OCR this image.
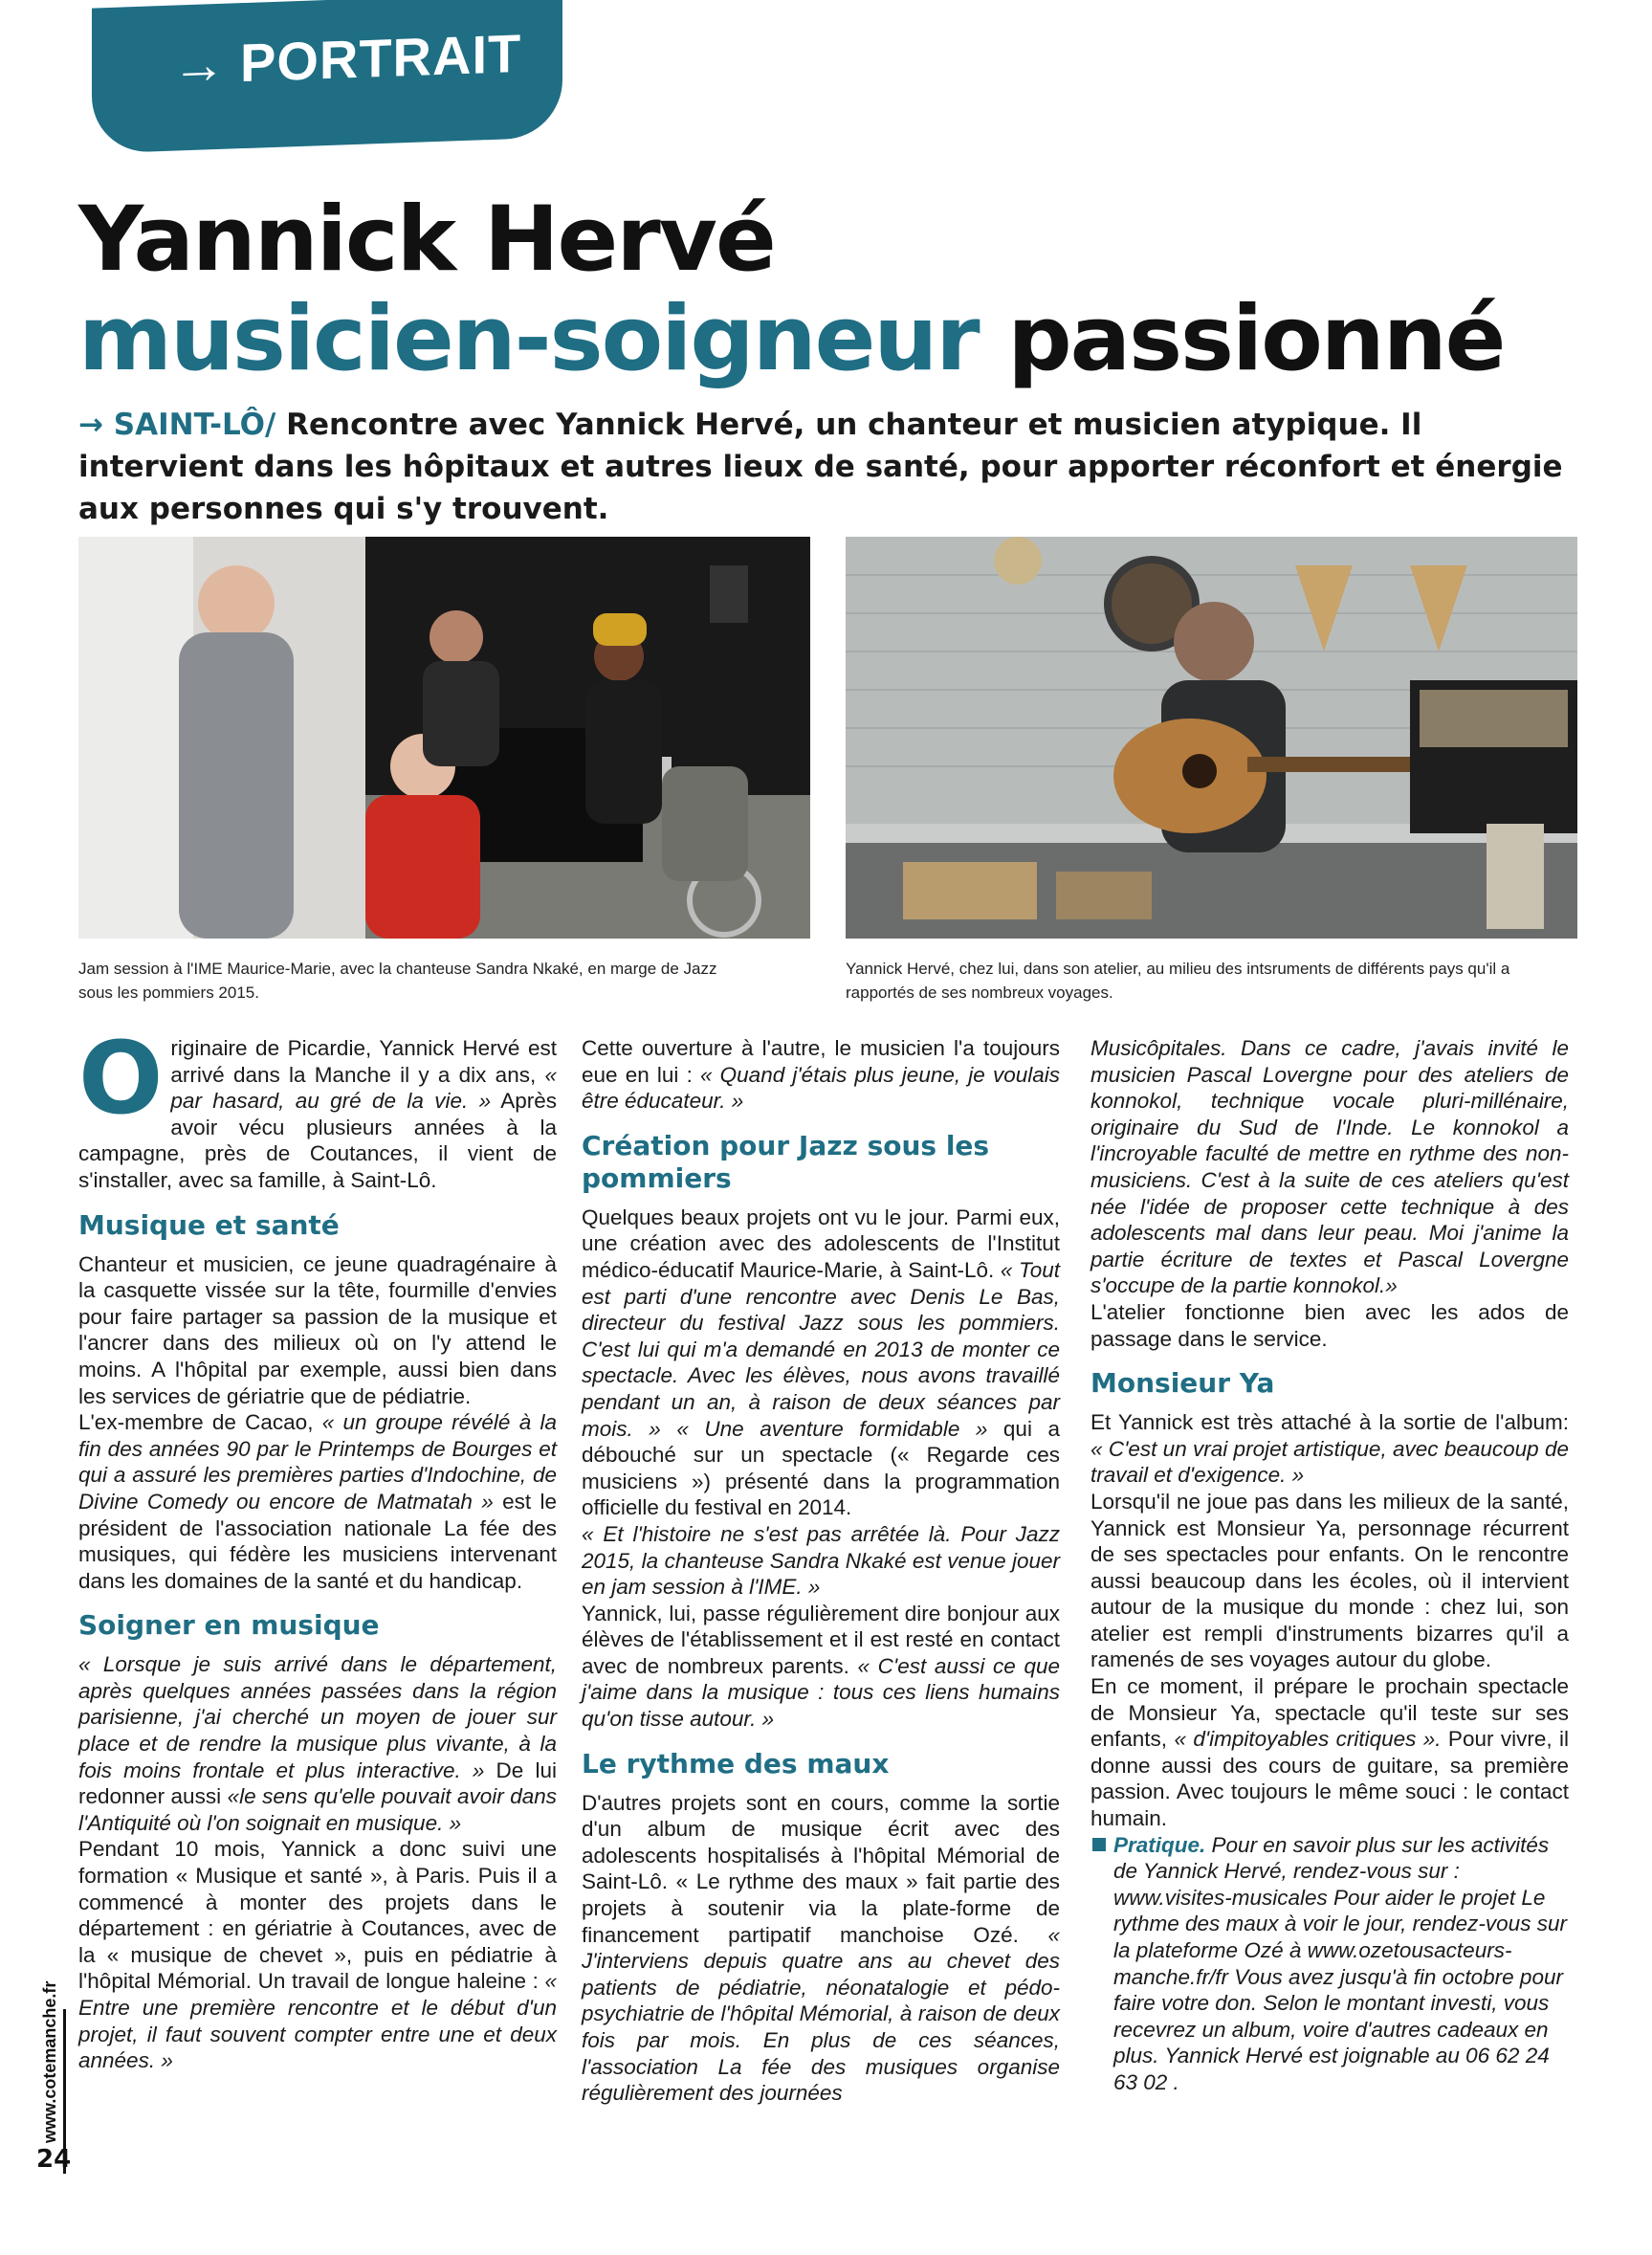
→ PORTRAIT
Yannick Hervé
musicien-soigneur passionné

→ SAINT-LÔ/ Rencontre avec Yannick Hervé, un chanteur et musicien atypique. Il intervient dans les hôpitaux et autres lieux de santé, pour apporter réconfort et énergie aux personnes qui s'y trouvent.

Jam session à l'IME Maurice-Marie, avec la chanteuse Sandra Nkaké, en marge de Jazz sous les pommiers 2015.

Yannick Hervé, chez lui, dans son atelier, au milieu des intsruments de différents pays qu'il a rapportés de ses nombreux voyages.

Originaire de Picardie, Yannick Hervé est arrivé dans la Manche il y a dix ans, « par hasard, au gré de la vie. » Après avoir vécu plusieurs années à la campagne, près de Coutances, il vient de s'installer, avec sa famille, à Saint-Lô.

Musique et santé

Chanteur et musicien, ce jeune quadragénaire à la casquette vissée sur la tête, fourmille d'envies pour faire partager sa passion de la musique et l'ancrer dans des milieux où on l'y attend le moins. A l'hôpital par exemple, aussi bien dans les services de gériatrie que de pédiatrie.

L'ex-membre de Cacao, « un groupe révélé à la fin des années 90 par le Printemps de Bourges et qui a assuré les premières parties d'Indochine, de Divine Comedy ou encore de Matmatah » est le président de l'association nationale La fée des musiques, qui fédère les musiciens intervenant dans les domaines de la santé et du handicap.

Soigner en musique

« Lorsque je suis arrivé dans le département, après quelques années passées dans la région parisienne, j'ai cherché un moyen de jouer sur place et de rendre la musique plus vivante, à la fois moins frontale et plus interactive. » De lui redonner aussi «le sens qu'elle pouvait avoir dans l'Antiquité où l'on soignait en musique. »

Pendant 10 mois, Yannick a donc suivi une formation « Musique et santé », à Paris. Puis il a commencé à monter des projets dans le département : en gériatrie à Coutances, avec de la « musique de chevet », puis en pédiatrie à l'hôpital Mémorial. Un travail de longue haleine : « Entre une première rencontre et le début d'un projet, il faut souvent compter entre une et deux années. »

Cette ouverture à l'autre, le musicien l'a toujours eue en lui : « Quand j'étais plus jeune, je voulais être éducateur. »

Création pour Jazz sous les pommiers

Quelques beaux projets ont vu le jour. Parmi eux, une création avec des adolescents de l'Institut médico-éducatif Maurice-Marie, à Saint-Lô. « Tout est parti d'une rencontre avec Denis Le Bas, directeur du festival Jazz sous les pommiers. C'est lui qui m'a demandé en 2013 de monter ce spectacle. Avec les élèves, nous avons travaillé pendant un an, à raison de deux séances par mois. » « Une aventure formidable » qui a débouché sur un spectacle (« Regarde ces musiciens ») présenté dans la programmation officielle du festival en 2014.

« Et l'histoire ne s'est pas arrêtée là. Pour Jazz 2015, la chanteuse Sandra Nkaké est venue jouer en jam session à l'IME. »

Yannick, lui, passe régulièrement dire bonjour aux élèves de l'établissement et il est resté en contact avec de nombreux parents. « C'est aussi ce que j'aime dans la musique : tous ces liens humains qu'on tisse autour. »

Le rythme des maux

D'autres projets sont en cours, comme la sortie d'un album de musique écrit avec des adolescents hospitalisés à l'hôpital Mémorial de Saint-Lô. « Le rythme des maux » fait partie des projets à soutenir via la plate-forme de financement partipatif manchoise Ozé. « J'interviens depuis quatre ans au chevet des patients de pédiatrie, néonatalogie et pédo-psychiatrie de l'hôpital Mémorial, à raison de deux fois par mois. En plus de ces séances, l'association La fée des musiques organise régulièrement des journées

Musicôpitales. Dans ce cadre, j'avais invité le musicien Pascal Lovergne pour des ateliers de konnokol, technique vocale pluri-millénaire, originaire du Sud de l'Inde. Le konnokol a l'incroyable faculté de mettre en rythme des non-musiciens. C'est à la suite de ces ateliers qu'est née l'idée de proposer cette technique à des adolescents mal dans leur peau. Moi j'anime la partie écriture de textes et Pascal Lovergne s'occupe de la partie konnokol.»

L'atelier fonctionne bien avec les ados de passage dans le service.

Monsieur Ya

Et Yannick est très attaché à la sortie de l'album: « C'est un vrai projet artistique, avec beaucoup de travail et d'exigence. »

Lorsqu'il ne joue pas dans les milieux de la santé, Yannick est Monsieur Ya, personnage récurrent de ses spectacles pour enfants. On le rencontre aussi beaucoup dans les écoles, où il intervient autour de la musique du monde : chez lui, son atelier est rempli d'instruments bizarres qu'il a ramenés de ses voyages autour du globe.

En ce moment, il prépare le prochain spectacle de Monsieur Ya, spectacle qu'il teste sur ses enfants, « d'impitoyables critiques ». Pour vivre, il donne aussi des cours de guitare, sa première passion. Avec toujours le même souci : le contact humain.

Pratique. Pour en savoir plus sur les activités de Yannick Hervé, rendez-vous sur : www.visites-musicales Pour aider le projet Le rythme des maux à voir le jour, rendez-vous sur la plateforme Ozé à www.ozetousacteurs-manche.fr/fr Vous avez jusqu'à fin octobre pour faire votre don. Selon le montant investi, vous recevrez un album, voire d'autres cadeaux en plus. Yannick Hervé est joignable au 06 62 24 63 02 .

www.cotemanche.fr
24
